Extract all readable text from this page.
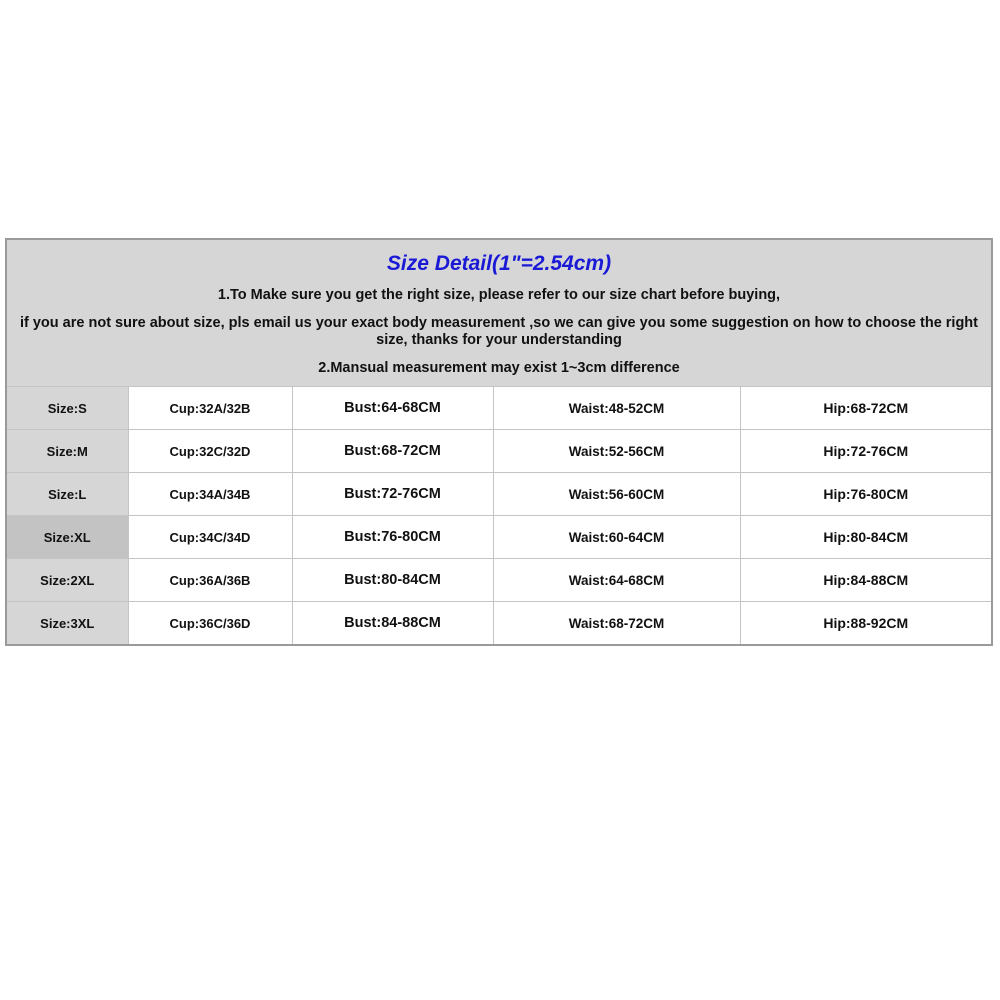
Size Detail(1"=2.54cm)
1.To Make sure you get the right size, please refer to our size chart before buying,
if you are not sure about size, pls email us your exact body measurement ,so we can give you some suggestion on how to choose the right size, thanks for your understanding
2.Mansual measurement may exist 1~3cm difference
Size:S	Cup:32A/32B	Bust:64-68CM	Waist:48-52CM	Hip:68-72CM
Size:M	Cup:32C/32D	Bust:68-72CM	Waist:52-56CM	Hip:72-76CM
Size:L	Cup:34A/34B	Bust:72-76CM	Waist:56-60CM	Hip:76-80CM
Size:XL	Cup:34C/34D	Bust:76-80CM	Waist:60-64CM	Hip:80-84CM
Size:2XL	Cup:36A/36B	Bust:80-84CM	Waist:64-68CM	Hip:84-88CM
Size:3XL	Cup:36C/36D	Bust:84-88CM	Waist:68-72CM	Hip:88-92CM
